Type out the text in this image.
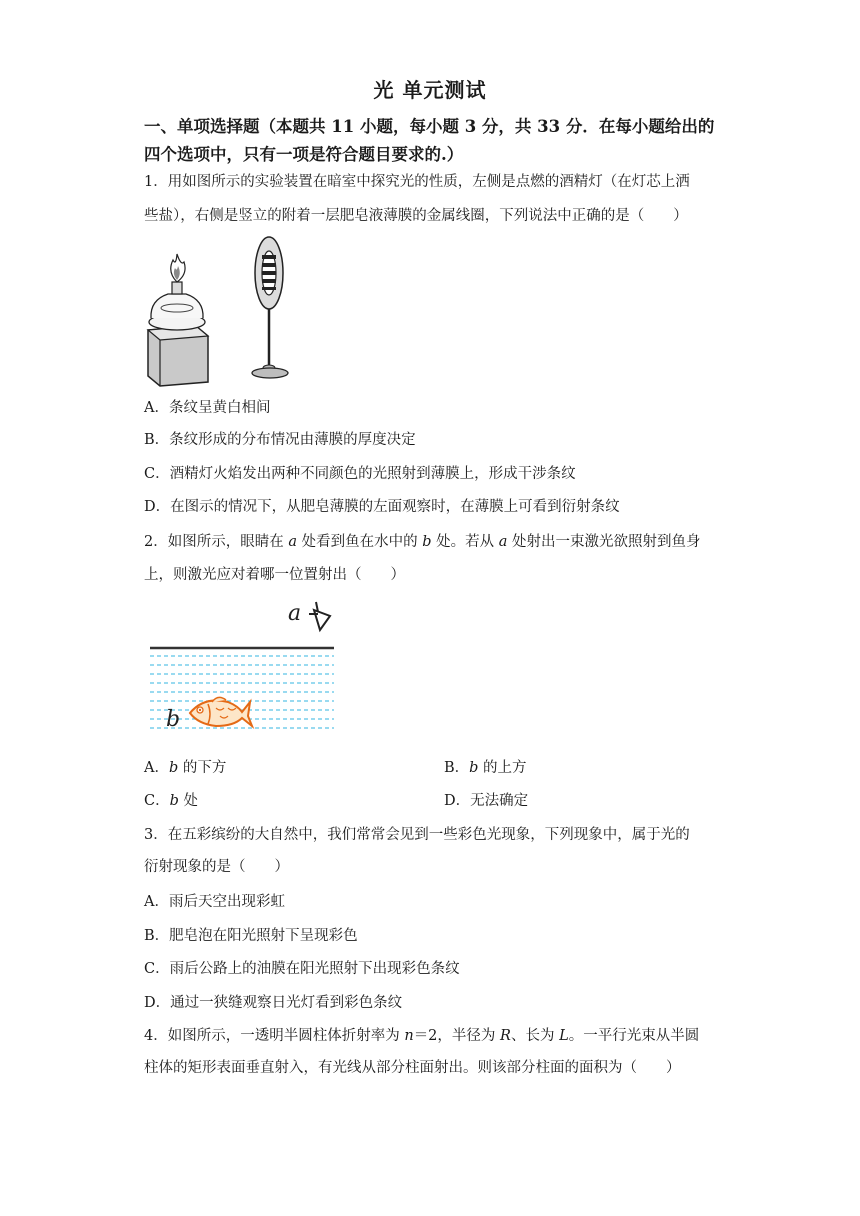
光 单元测试
一、单项选择题（本题共 11 小题，每小题 3 分，共 33 分．在每小题给出的
四个选项中，只有一项是符合题目要求的.）
1．用如图所示的实验装置在暗室中探究光的性质，左侧是点燃的酒精灯（在灯芯上洒
些盐），右侧是竖立的附着一层肥皂液薄膜的金属线圈，下列说法中正确的是（　　）
A．条纹呈黄白相间
B．条纹形成的分布情况由薄膜的厚度决定
C．酒精灯火焰发出两种不同颜色的光照射到薄膜上，形成干涉条纹
D．在图示的情况下，从肥皂薄膜的左面观察时，在薄膜上可看到衍射条纹
2．如图所示，眼睛在 a 处看到鱼在水中的 b 处。若从 a 处射出一束激光欲照射到鱼身
上，则激光应对着哪一位置射出（　　）
a
b
A．b 的下方	B．b 的上方
C．b 处	D．无法确定
3．在五彩缤纷的大自然中，我们常常会见到一些彩色光现象，下列现象中，属于光的
衍射现象的是（　　）
A．雨后天空出现彩虹
B．肥皂泡在阳光照射下呈现彩色
C．雨后公路上的油膜在阳光照射下出现彩色条纹
D．通过一狭缝观察日光灯看到彩色条纹
4．如图所示，一透明半圆柱体折射率为 n＝2，半径为 R、长为 L。一平行光束从半圆
柱体的矩形表面垂直射入，有光线从部分柱面射出。则该部分柱面的面积为（　　）
